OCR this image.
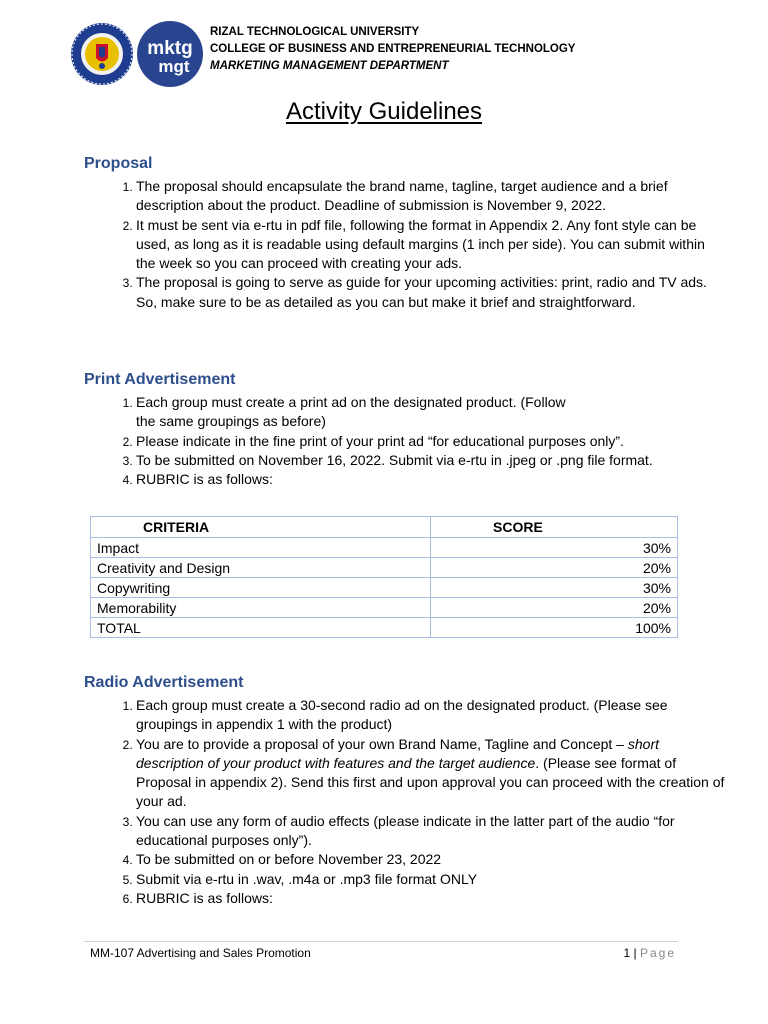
mktg
mgt
RIZAL TECHNOLOGICAL UNIVERSITY
COLLEGE OF BUSINESS AND ENTREPRENEURIAL TECHNOLOGY
MARKETING MANAGEMENT DEPARTMENT
Activity Guidelines
Proposal
1. The proposal should encapsulate the brand name, tagline, target audience and a brief description about the product. Deadline of submission is November 9, 2022.
2. It must be sent via e-rtu in pdf file, following the format in Appendix 2. Any font style can be used, as long as it is readable using default margins (1 inch per side). You can submit within the week so you can proceed with creating your ads.
3. The proposal is going to serve as guide for your upcoming activities: print, radio and TV ads. So, make sure to be as detailed as you can but make it brief and straightforward.
Print Advertisement
1. Each group must create a print ad on the designated product. (Follow
the same groupings as before)
2. Please indicate in the fine print of your print ad “for educational purposes only”.
3. To be submitted on November 16, 2022. Submit via e-rtu in .jpeg or .png file format.
4. RUBRIC is as follows:
CRITERIA	SCORE
Impact	30%
Creativity and Design	20%
Copywriting	30%
Memorability	20%
TOTAL	100%
Radio Advertisement
1. Each group must create a 30-second radio ad on the designated product. (Please see groupings in appendix 1 with the product)
2. You are to provide a proposal of your own Brand Name, Tagline and Concept – short description of your product with features and the target audience. (Please see format of Proposal in appendix 2). Send this first and upon approval you can proceed with the creation of your ad.
3. You can use any form of audio effects (please indicate in the latter part of the audio “for
educational purposes only”).
4. To be submitted on or before November 23, 2022
5. Submit via e-rtu in .wav, .m4a or .mp3 file format ONLY
6. RUBRIC is as follows:
MM-107 Advertising and Sales Promotion	1 | Page
